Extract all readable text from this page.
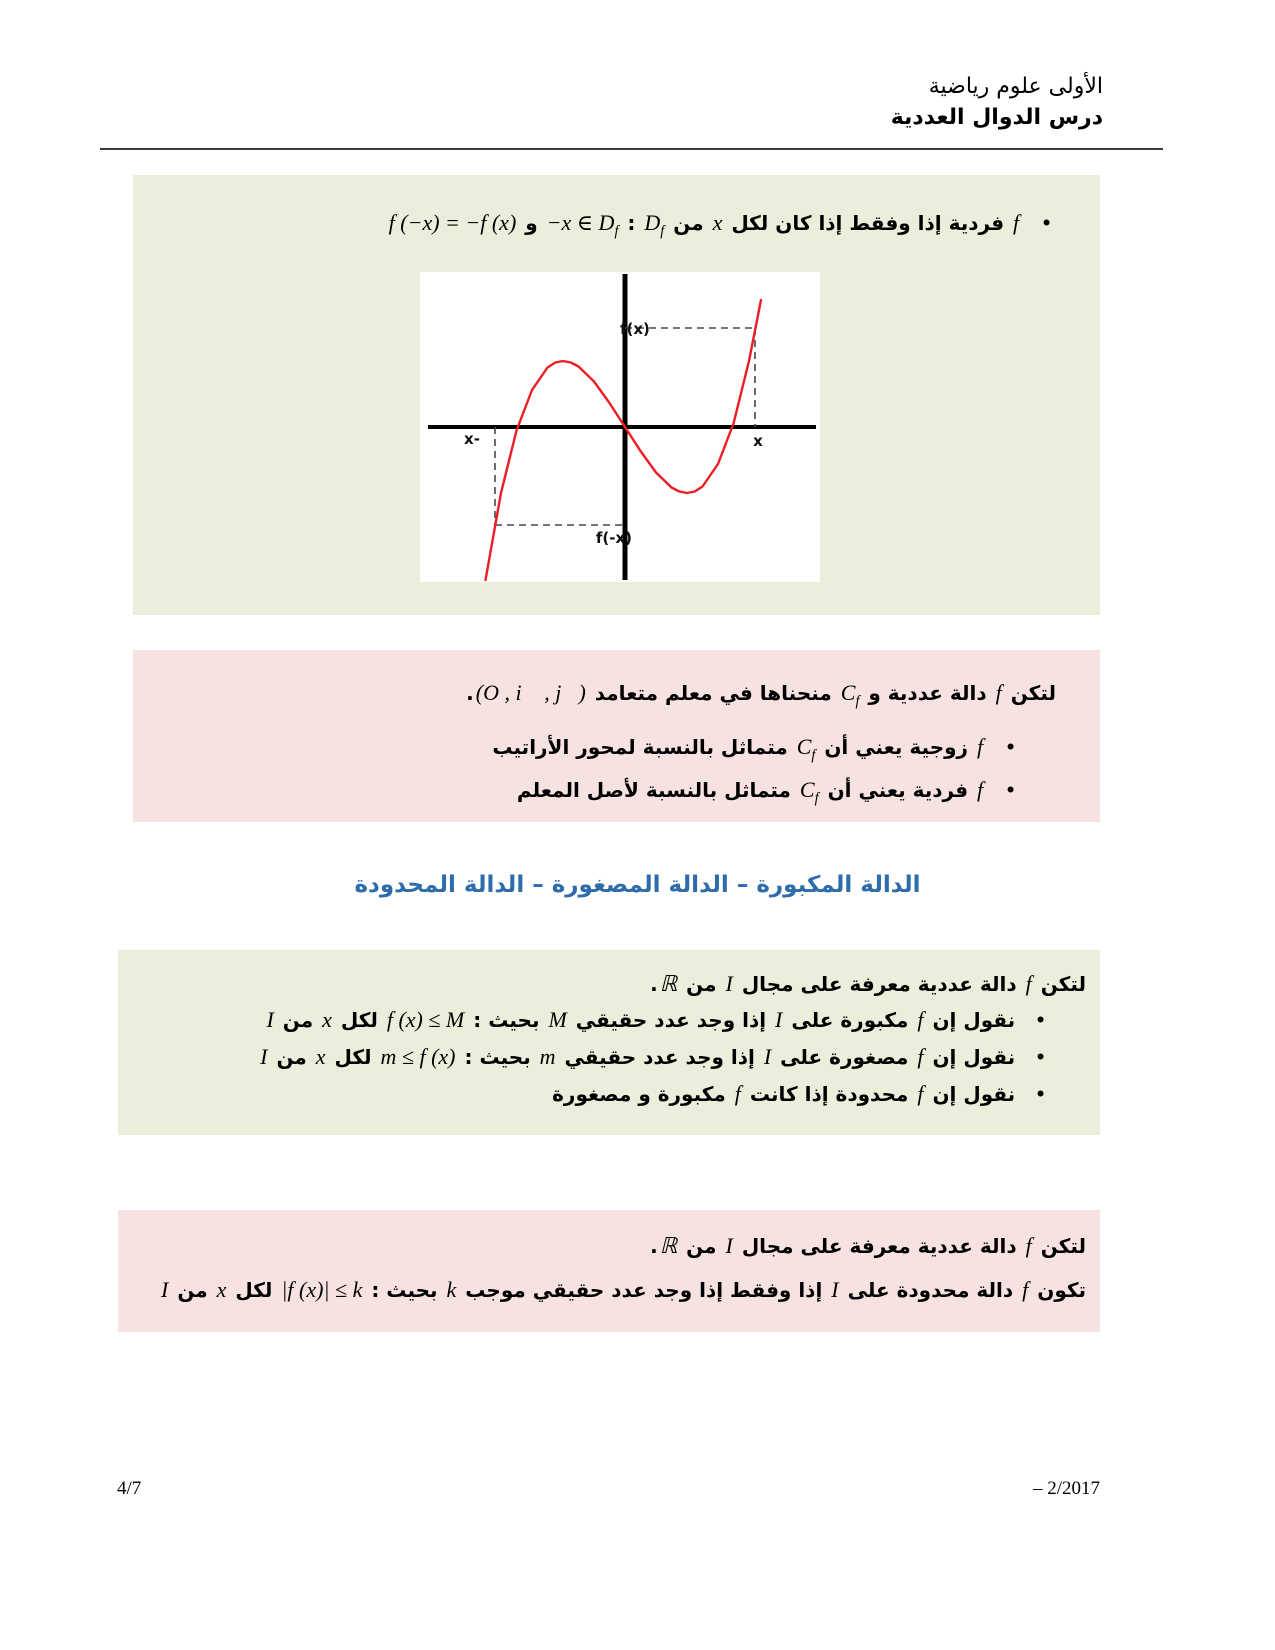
الأولى علوم رياضية
درس الدوال العددية
• f فردية إذا وفقط إذا كان لكل x من $D_f$ : −x ∈ $D_f$ و f (−x) = −f (x)
f(x)
f(-x)
x
-x
لتكن f دالة عددية و $C_f$ منحناها في معلم متعامد (O , i⃗ , j⃗).
• f زوجية يعني أن $C_f$ متماثل بالنسبة لمحور الأراتيب
• f فردية يعني أن $C_f$ متماثل بالنسبة لأصل المعلم
الدالة المكبورة – الدالة المصغورة – الدالة المحدودة
لتكن f دالة عددية معرفة على مجال I من ℝ.
• نقول إن f مكبورة على I إذا وجد عدد حقيقي M بحيث : f (x) ≤ M لكل x من I
• نقول إن f مصغورة على I إذا وجد عدد حقيقي m بحيث : m ≤ f (x) لكل x من I
• نقول إن f محدودة إذا كانت f مكبورة و مصغورة
لتكن f دالة عددية معرفة على مجال I من ℝ.
تكون f دالة محدودة على I إذا وفقط إذا وجد عدد حقيقي موجب k بحيث : |f (x)| ≤ k لكل x من I
4/7	– 2/2017
